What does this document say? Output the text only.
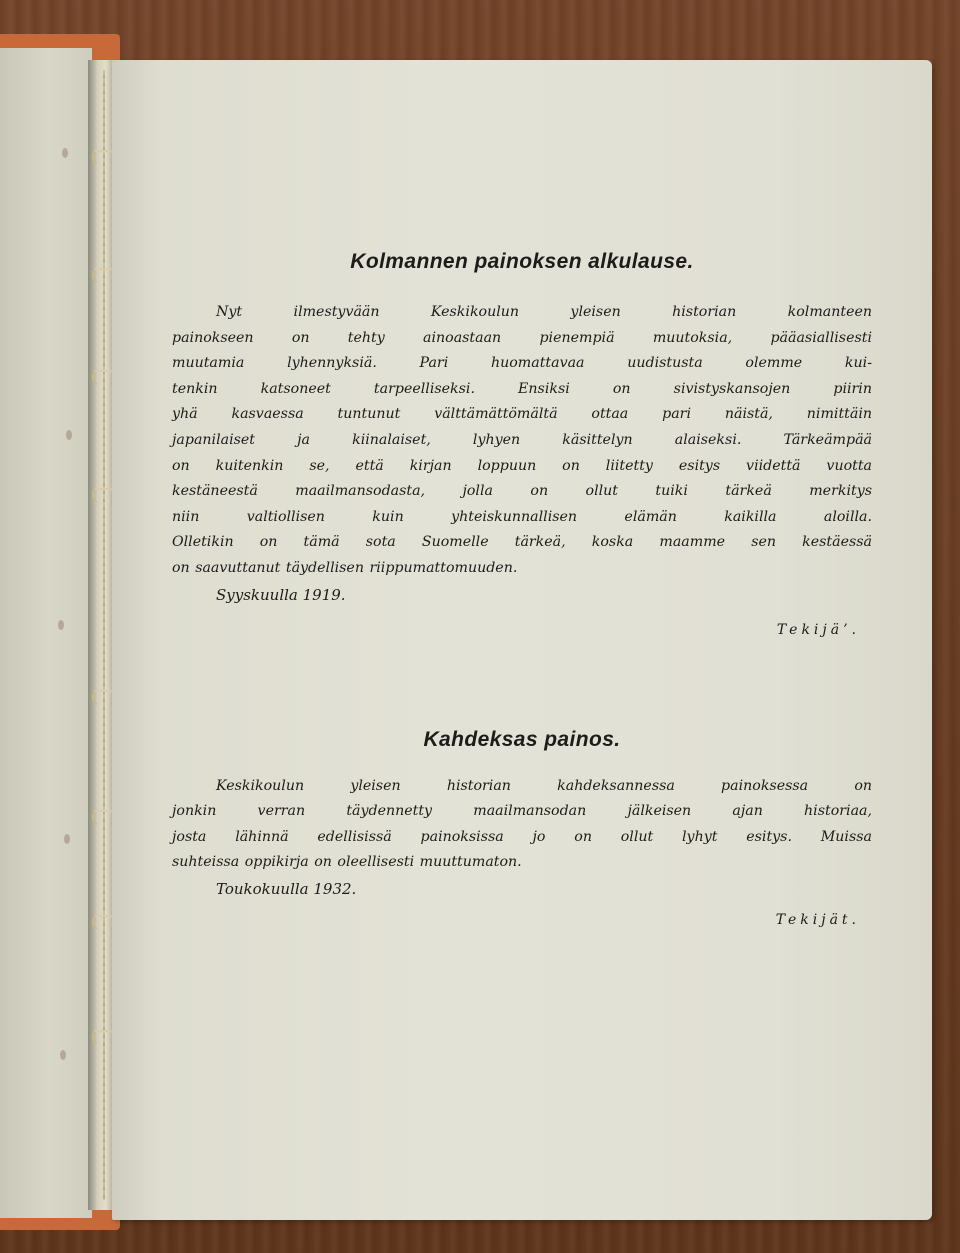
Kolmannen painoksen alkulause.
Nyt ilmestyvään Keskikoulun yleisen historian kolmanteen
painokseen on tehty ainoastaan pienempiä muutoksia, pääasiallisesti
muutamia lyhennyksiä. Pari huomattavaa uudistusta olemme kui-
tenkin katsoneet tarpeelliseksi. Ensiksi on sivistyskansojen piirin
yhä kasvaessa tuntunut välttämättömältä ottaa pari näistä, nimittäin
japanilaiset ja kiinalaiset, lyhyen käsittelyn alaiseksi. Tärkeämpää
on kuitenkin se, että kirjan loppuun on liitetty esitys viidettä vuotta
kestäneestä maailmansodasta, jolla on ollut tuiki tärkeä merkitys
niin valtiollisen kuin yhteiskunnallisen elämän kaikilla aloilla.
Olletikin on tämä sota Suomelle tärkeä, koska maamme sen kestäessä
on saavuttanut täydellisen riippumattomuuden.

Syyskuulla 1919.

Tekijä’.

Kahdeksas painos.
Keskikoulun yleisen historian kahdeksannessa painoksessa on
jonkin verran täydennetty maailmansodan jälkeisen ajan historiaa,
josta lähinnä edellisissä painoksissa jo on ollut lyhyt esitys. Muissa
suhteissa oppikirja on oleellisesti muuttumaton.

Toukokuulla 1932.

Tekijät.
